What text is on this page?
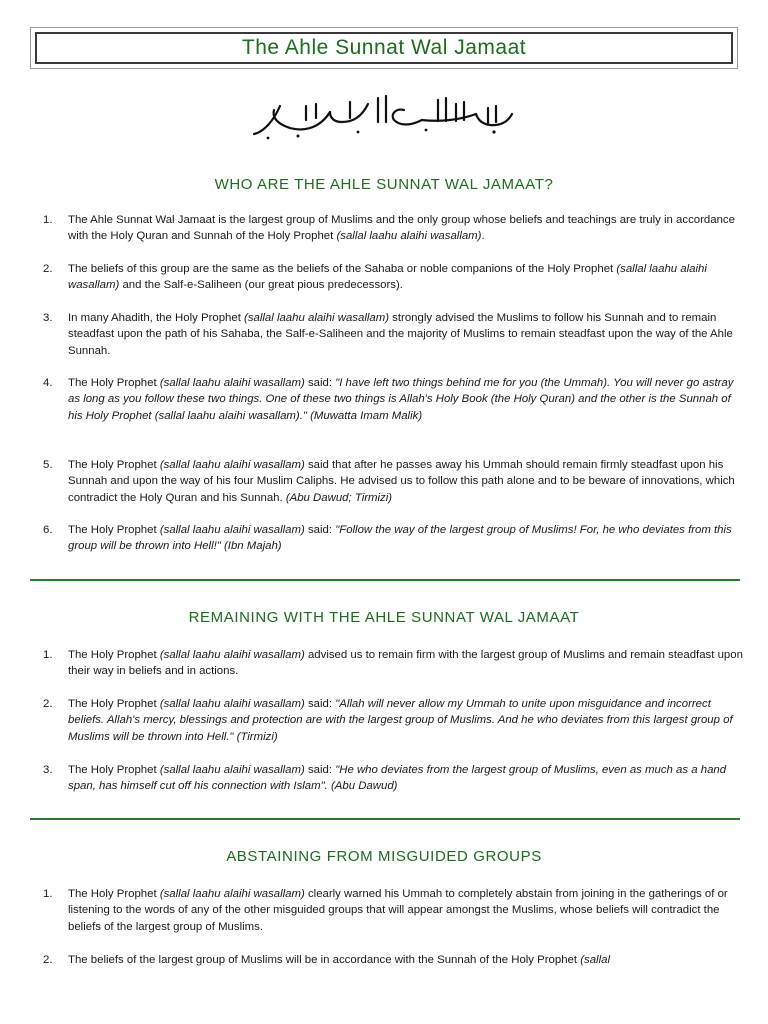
The Ahle Sunnat Wal Jamaat
WHO ARE THE AHLE SUNNAT WAL JAMAAT?
1. The Ahle Sunnat Wal Jamaat is the largest group of Muslims and the only group whose beliefs and teachings are truly in accordance with the Holy Quran and Sunnah of the Holy Prophet (sallal laahu alaihi wasallam).
2. The beliefs of this group are the same as the beliefs of the Sahaba or noble companions of the Holy Prophet (sallal laahu alaihi wasallam) and the Salf-e-Saliheen (our great pious predecessors).
3. In many Ahadith, the Holy Prophet (sallal laahu alaihi wasallam) strongly advised the Muslims to follow his Sunnah and to remain steadfast upon the path of his Sahaba, the Salf-e-Saliheen and the majority of Muslims to remain steadfast upon the way of the Ahle Sunnah.
4. The Holy Prophet (sallal laahu alaihi wasallam) said: "I have left two things behind me for you (the Ummah). You will never go astray as long as you follow these two things. One of these two things is Allah's Holy Book (the Holy Quran) and the other is the Sunnah of his Holy Prophet (sallal laahu alaihi wasallam)." (Muwatta Imam Malik)
5. The Holy Prophet (sallal laahu alaihi wasallam) said that after he passes away his Ummah should remain firmly steadfast upon his Sunnah and upon the way of his four Muslim Caliphs. He advised us to follow this path alone and to be beware of innovations, which contradict the Holy Quran and his Sunnah. (Abu Dawud; Tirmizi)
6. The Holy Prophet (sallal laahu alaihi wasallam) said: "Follow the way of the largest group of Muslims! For, he who deviates from this group will be thrown into Hell!" (Ibn Majah)
REMAINING WITH THE AHLE SUNNAT WAL JAMAAT
1. The Holy Prophet (sallal laahu alaihi wasallam) advised us to remain firm with the largest group of Muslims and remain steadfast upon their way in beliefs and in actions.
2. The Holy Prophet (sallal laahu alaihi wasallam) said: "Allah will never allow my Ummah to unite upon misguidance and incorrect beliefs. Allah's mercy, blessings and protection are with the largest group of Muslims. And he who deviates from this largest group of Muslims will be thrown into Hell." (Tirmizi)
3. The Holy Prophet (sallal laahu alaihi wasallam) said: "He who deviates from the largest group of Muslims, even as much as a hand span, has himself cut off his connection with Islam". (Abu Dawud)
ABSTAINING FROM MISGUIDED GROUPS
1. The Holy Prophet (sallal laahu alaihi wasallam) clearly warned his Ummah to completely abstain from joining in the gatherings of or listening to the words of any of the other misguided groups that will appear amongst the Muslims, whose beliefs will contradict the beliefs of the largest group of Muslims.
2. The beliefs of the largest group of Muslims will be in accordance with the Sunnah of the Holy Prophet (sallal
